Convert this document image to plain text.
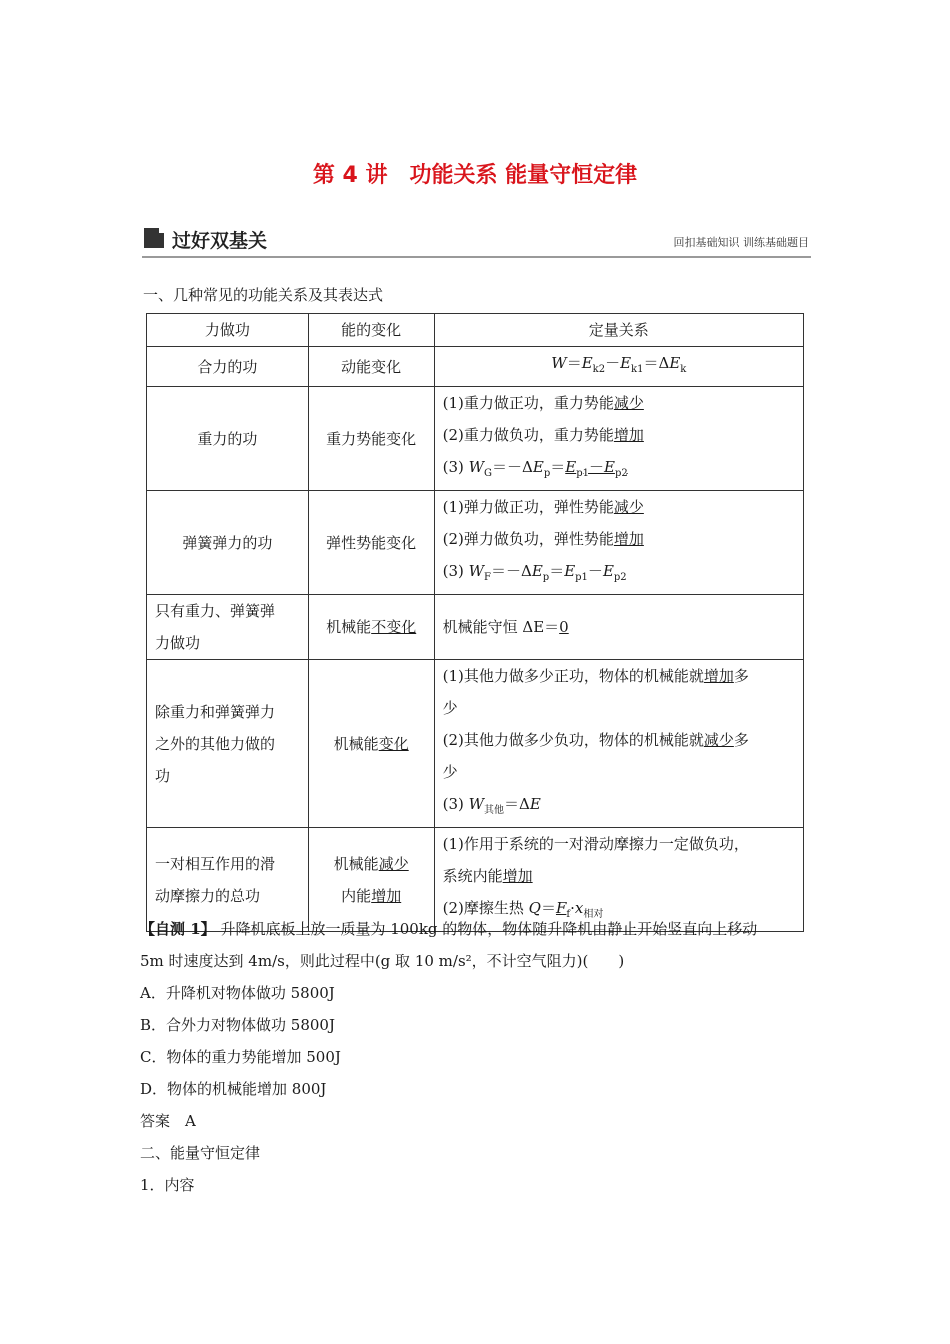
第 4 讲　功能关系 能量守恒定律
过好双基关	回扣基础知识 训练基础题目
一、几种常见的功能关系及其表达式
力做功	能的变化	定量关系
合力的功	动能变化	$W=E_{k2}-E_{k1}=\Delta E_k$
重力的功	重力势能变化	(1)重力做正功，重力势能减少
(2)重力做负功，重力势能增加
(3) $W_G=-\Delta E_p=E_{p1}-E_{p2}$

弹簧弹力的功	弹性势能变化	(1)弹力做正功，弹性势能减少
(2)弹力做负功，弹性势能增加
(3) $W_F=-\Delta E_p=E_{p1}-E_{p2}$

只有重力、弹簧弹
力做功	机械能不变化	机械能守恒 ΔE＝0

除重力和弹簧弹力
之外的其他力做的
功	机械能变化	(1)其他力做多少正功，物体的机械能就增加多
少
(2)其他力做多少负功，物体的机械能就减少多
少
(3) $W_{其他}=\Delta E$

一对相互作用的滑
动摩擦力的总功	机械能减少
内能增加	(1)作用于系统的一对滑动摩擦力一定做负功，
系统内能增加
(2)摩擦生热 $Q=F_f\cdot x_{相对}$

【自测 1】 升降机底板上放一质量为 100kg 的物体，物体随升降机由静止开始竖直向上移动

5m 时速度达到 4m/s，则此过程中(g 取 10 m/s²，不计空气阻力)(　　)

A．升降机对物体做功 5800J

B．合外力对物体做功 5800J

C．物体的重力势能增加 500J

D．物体的机械能增加 800J

答案　A

二、能量守恒定律

1．内容
